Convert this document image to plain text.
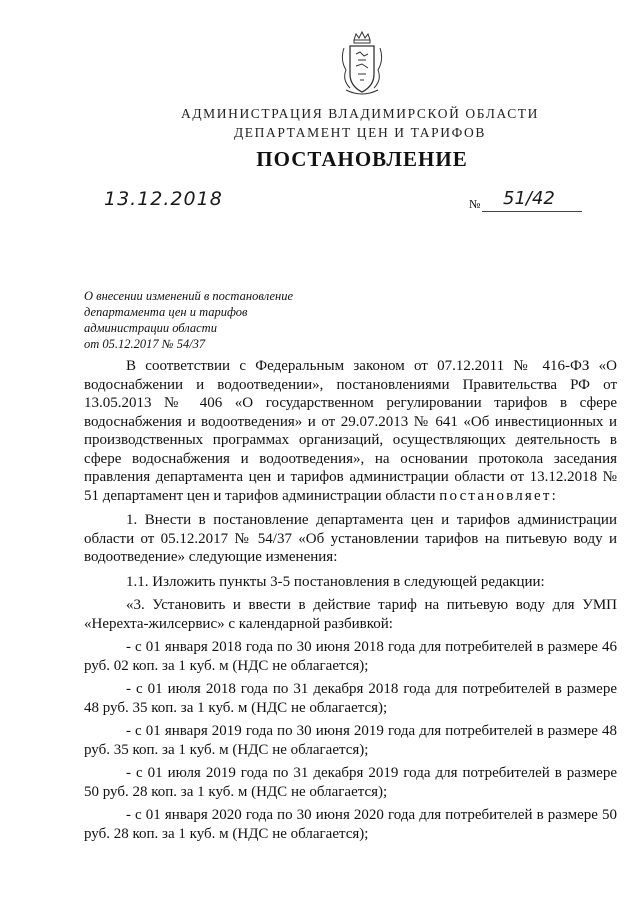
АДМИНИСТРАЦИЯ ВЛАДИМИРСКОЙ ОБЛАСТИ
ДЕПАРТАМЕНТ ЦЕН И ТАРИФОВ
ПОСТАНОВЛЕНИЕ
13.12.2018	№ 51/42
О внесении изменений в постановление
департамента цен и тарифов
администрации области
от 05.12.2017 № 54/37

В соответствии с Федеральным законом от 07.12.2011 № 416-ФЗ «О водоснабжении и водоотведении», постановлениями Правительства РФ от 13.05.2013 № 406 «О государственном регулировании тарифов в сфере водоснабжения и водоотведения» и от 29.07.2013 № 641 «Об инвестиционных и производственных программах организаций, осуществляющих деятельность в сфере водоснабжения и водоотведения», на основании протокола заседания правления департамента цен и тарифов администрации области от 13.12.2018 № 51 департамент цен и тарифов администрации области постановляет:

1. Внести в постановление департамента цен и тарифов администрации области от 05.12.2017 № 54/37 «Об установлении тарифов на питьевую воду и водоотведение» следующие изменения:

1.1. Изложить пункты 3-5 постановления в следующей редакции:

«3. Установить и ввести в действие тариф на питьевую воду для УМП «Нерехта-жилсервис» с календарной разбивкой:

- с 01 января 2018 года по 30 июня 2018 года для потребителей в размере 46 руб. 02 коп. за 1 куб. м (НДС не облагается);

- с 01 июля 2018 года по 31 декабря 2018 года для потребителей в размере 48 руб. 35 коп. за 1 куб. м (НДС не облагается);

- с 01 января 2019 года по 30 июня 2019 года для потребителей в размере 48 руб. 35 коп. за 1 куб. м (НДС не облагается);

- с 01 июля 2019 года по 31 декабря 2019 года для потребителей в размере 50 руб. 28 коп. за 1 куб. м (НДС не облагается);

- с 01 января 2020 года по 30 июня 2020 года для потребителей в размере 50 руб. 28 коп. за 1 куб. м (НДС не облагается);
